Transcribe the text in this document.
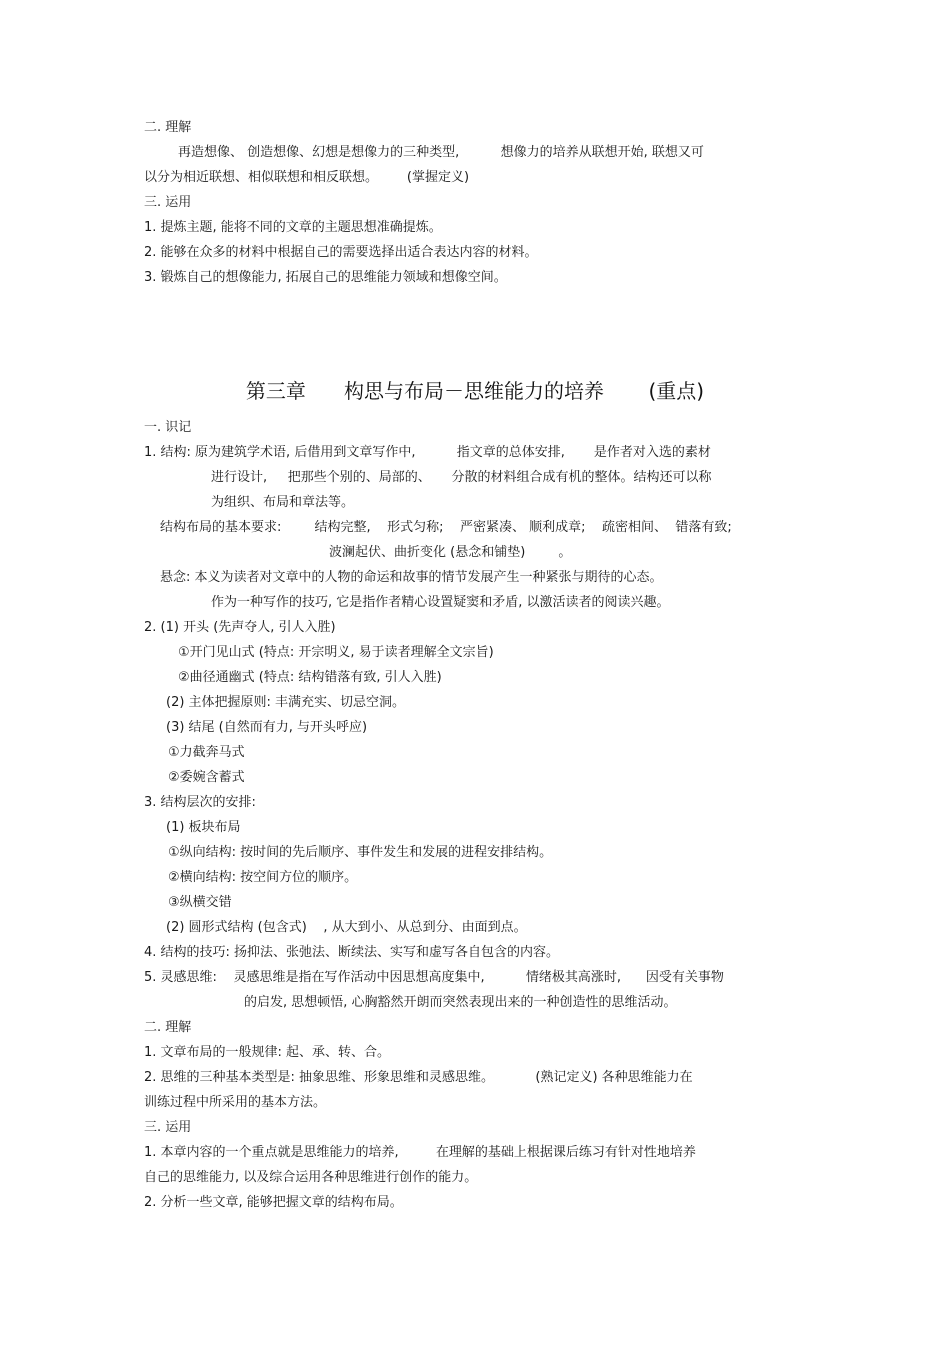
二. 理解
再造想像、 创造想像、幻想是想像力的三种类型,          想像力的培养从联想开始, 联想又可
以分为相近联想、相似联想和相反联想。       (掌握定义)
三. 运用
1. 提炼主题, 能将不同的文章的主题思想准确提炼。
2. 能够在众多的材料中根据自己的需要选择出适合表达内容的材料。
3. 锻炼自己的想像能力, 拓展自己的思维能力领域和想像空间。
第三章      构思与布局－思维能力的培养       (重点)
一. 识记
1. 结构: 原为建筑学术语, 后借用到文章写作中,          指文章的总体安排,       是作者对入选的素材
进行设计,     把那些个别的、局部的、     分散的材料组合成有机的整体。结构还可以称
为组织、布局和章法等。
结构布局的基本要求:        结构完整,    形式匀称;    严密紧凑、 顺利成章;    疏密相间、  错落有致;
波澜起伏、曲折变化 (悬念和铺垫)        。
悬念: 本义为读者对文章中的人物的命运和故事的情节发展产生一种紧张与期待的心态。
作为一种写作的技巧, 它是指作者精心设置疑窦和矛盾, 以激活读者的阅读兴趣。
2. (1) 开头 (先声夺人, 引人入胜)
①开门见山式 (特点: 开宗明义, 易于读者理解全文宗旨)
②曲径通幽式 (特点: 结构错落有致, 引人入胜)
(2) 主体把握原则: 丰满充实、切忌空洞。
(3) 结尾 (自然而有力, 与开头呼应)
①力截奔马式
②委婉含蓄式
3. 结构层次的安排:
(1) 板块布局
①纵向结构: 按时间的先后顺序、事件发生和发展的进程安排结构。
②横向结构: 按空间方位的顺序。
③纵横交错
(2) 圆形式结构 (包含式)    , 从大到小、从总到分、由面到点。
4. 结构的技巧: 扬抑法、张弛法、断续法、实写和虚写各自包含的内容。
5. 灵感思维:    灵感思维是指在写作活动中因思想高度集中,          情绪极其高涨时,      因受有关事物
的启发, 思想顿悟, 心胸豁然开朗而突然表现出来的一种创造性的思维活动。
二. 理解
1. 文章布局的一般规律: 起、承、转、合。
2. 思维的三种基本类型是: 抽象思维、形象思维和灵感思维。          (熟记定义) 各种思维能力在
训练过程中所采用的基本方法。
三. 运用
1. 本章内容的一个重点就是思维能力的培养,         在理解的基础上根据课后练习有针对性地培养
自己的思维能力, 以及综合运用各种思维进行创作的能力。
2. 分析一些文章, 能够把握文章的结构布局。
